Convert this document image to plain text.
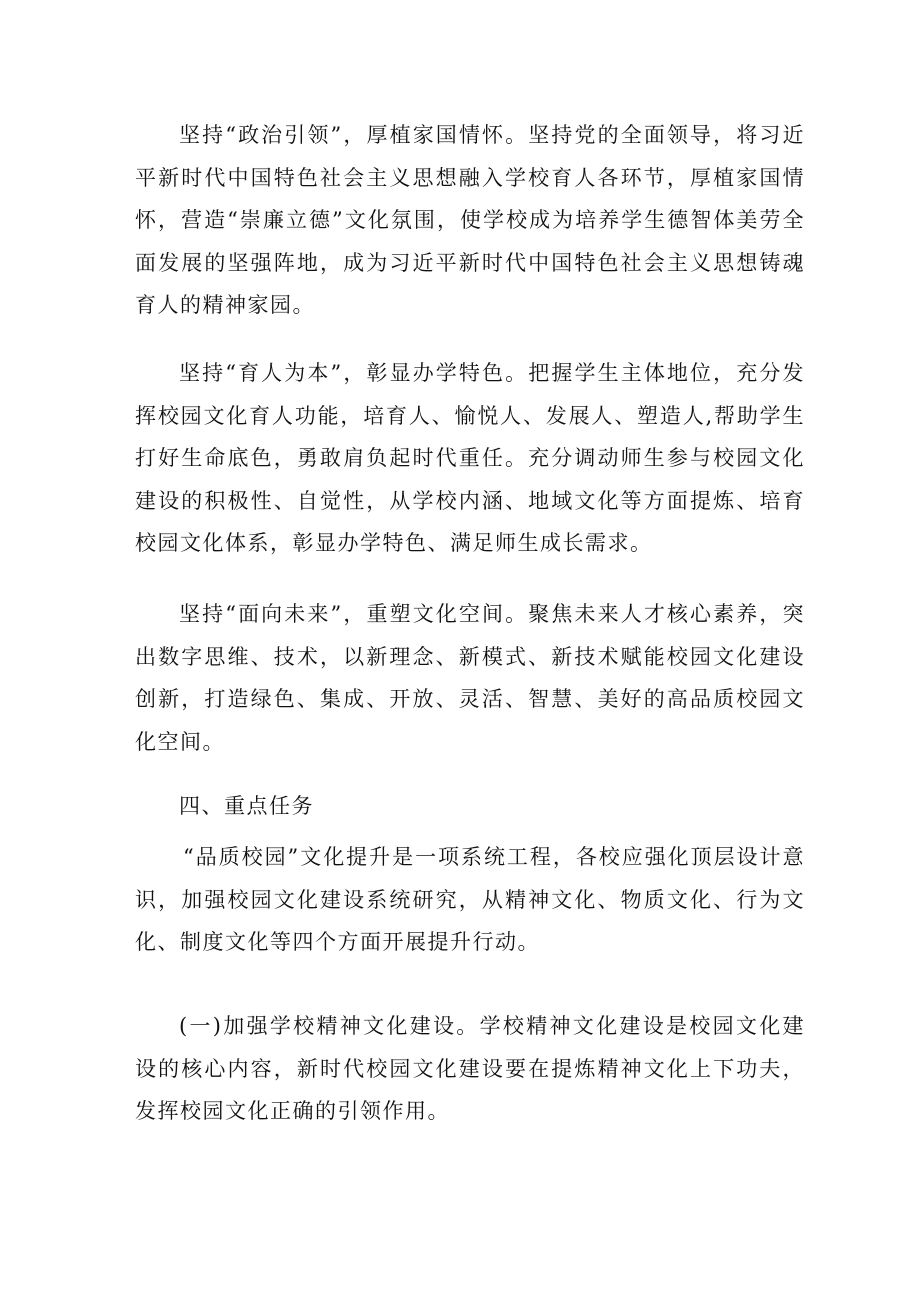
坚持“政治引领”，厚植家国情怀。坚持党的全面领导，将习近平新时代中国特色社会主义思想融入学校育人各环节，厚植家国情怀，营造“崇廉立德”文化氛围，使学校成为培养学生德智体美劳全面发展的坚强阵地，成为习近平新时代中国特色社会主义思想铸魂育人的精神家园。

坚持“育人为本”，彰显办学特色。把握学生主体地位，充分发挥校园文化育人功能，培育人、愉悦人、发展人、塑造人,帮助学生打好生命底色，勇敢肩负起时代重任。充分调动师生参与校园文化建设的积极性、自觉性，从学校内涵、地域文化等方面提炼、培育校园文化体系，彰显办学特色、满足师生成长需求。

坚持“面向未来”，重塑文化空间。聚焦未来人才核心素养，突出数字思维、技术，以新理念、新模式、新技术赋能校园文化建设创新，打造绿色、集成、开放、灵活、智慧、美好的高品质校园文化空间。

四、重点任务

“品质校园”文化提升是一项系统工程，各校应强化顶层设计意识，加强校园文化建设系统研究，从精神文化、物质文化、行为文化、制度文化等四个方面开展提升行动。

(一)加强学校精神文化建设。学校精神文化建设是校园文化建设的核心内容，新时代校园文化建设要在提炼精神文化上下功夫，发挥校园文化正确的引领作用。
